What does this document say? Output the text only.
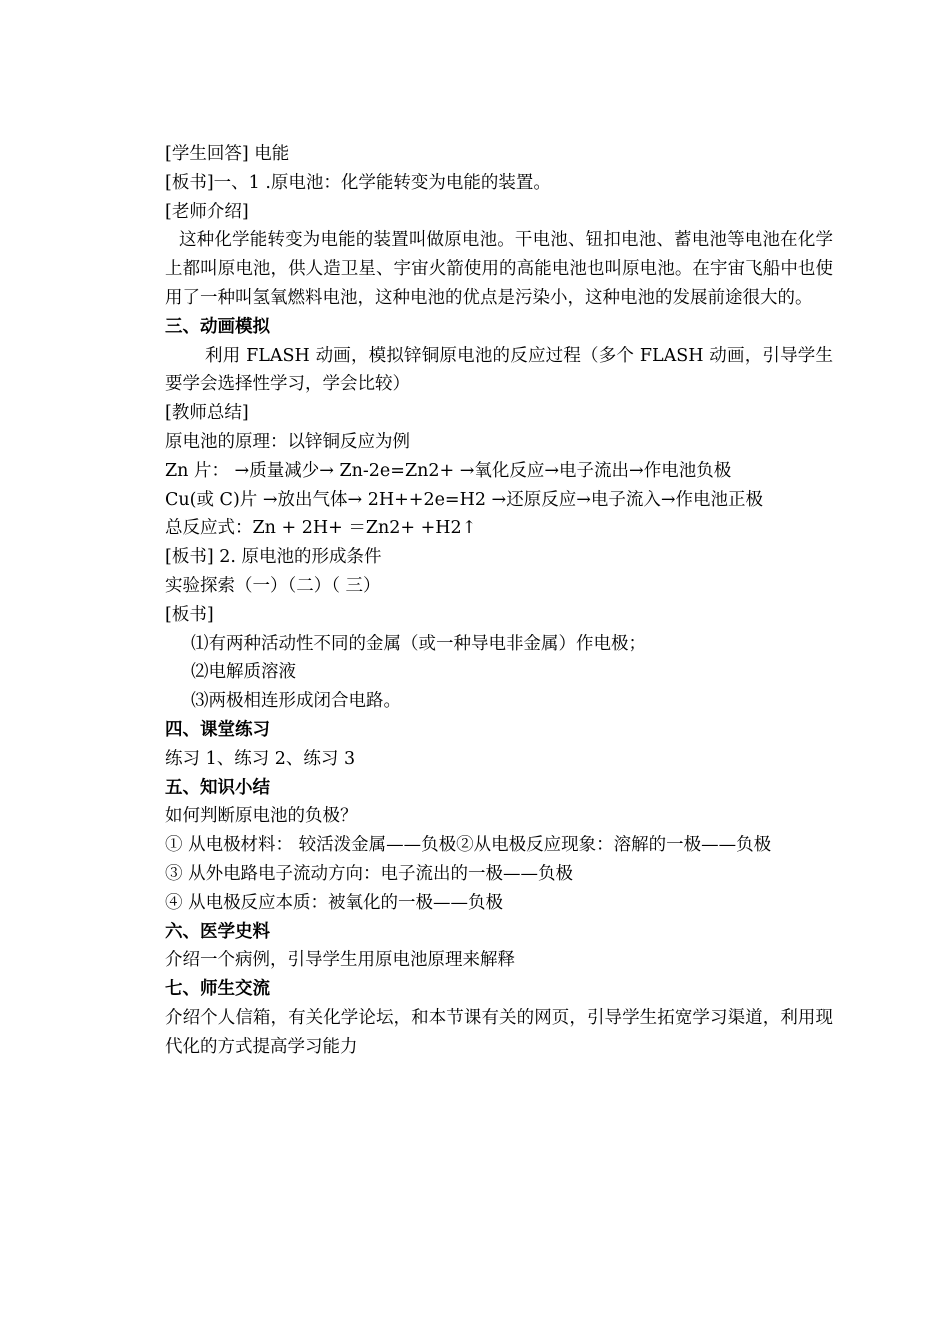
[学生回答] 电能
[板书]一、1 .原电池：化学能转变为电能的装置。
[老师介绍]
这种化学能转变为电能的装置叫做原电池。干电池、钮扣电池、蓄电池等电池在化学上都叫原电池，供人造卫星、宇宙火箭使用的高能电池也叫原电池。在宇宙飞船中也使用了一种叫氢氧燃料电池，这种电池的优点是污染小，这种电池的发展前途很大的。
三、动画模拟
利用 FLASH 动画，模拟锌铜原电池的反应过程（多个 FLASH 动画，引导学生要学会选择性学习，学会比较）
[教师总结]
原电池的原理：以锌铜反应为例
Zn 片： →质量减少→ Zn-2e=Zn2+ →氧化反应→电子流出→作电池负极
Cu(或 C)片 →放出气体→ 2H++2e=H2 →还原反应→电子流入→作电池正极
总反应式：Zn + 2H+ ＝Zn2+ +H2↑
[板书] 2. 原电池的形成条件
实验探索（一）（二）（ 三）
[板书]
⑴有两种活动性不同的金属（或一种导电非金属）作电极；
⑵电解质溶液
⑶两极相连形成闭合电路。
四、课堂练习
练习 1、练习 2、练习 3
五、知识小结
如何判断原电池的负极？
① 从电极材料： 较活泼金属——负极②从电极反应现象：溶解的一极——负极
③ 从外电路电子流动方向：电子流出的一极——负极
④ 从电极反应本质：被氧化的一极——负极
六、医学史料
介绍一个病例，引导学生用原电池原理来解释
七、师生交流
介绍个人信箱，有关化学论坛，和本节课有关的网页，引导学生拓宽学习渠道，利用现代化的方式提高学习能力
